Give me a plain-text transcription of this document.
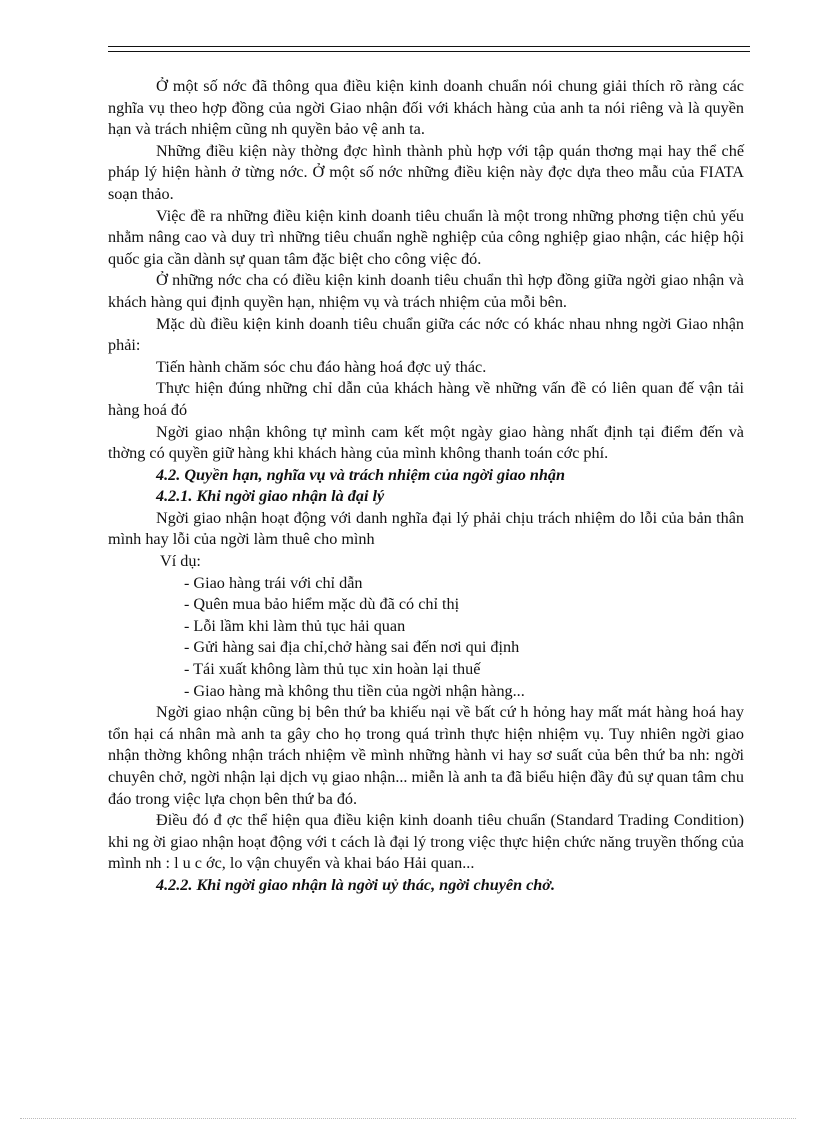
Ở một số nớc đã thông qua điều kiện kinh doanh chuẩn nói chung giải thích rõ ràng các nghĩa vụ theo hợp đồng của ngời Giao nhận đối với khách hàng của anh ta nói riêng và là quyền hạn và trách nhiệm cũng nh quyền bảo vệ anh ta.

Những điều kiện này thờng đợc hình thành phù hợp với tập quán thơng mại hay thể chế pháp lý hiện hành ở từng nớc. Ở một số nớc những điều kiện này đợc dựa theo mẫu của FIATA soạn thảo.

Việc đề ra những điều kiện kinh doanh tiêu chuẩn là một trong những phơng tiện chủ yếu nhằm nâng cao và duy trì những tiêu chuẩn nghề nghiệp của công nghiệp giao nhận, các hiệp hội quốc gia cần dành sự quan tâm đặc biệt cho công việc đó.

Ở những nớc cha có điều kiện kinh doanh tiêu chuẩn thì hợp đồng giữa ngời giao nhận và khách hàng qui định quyền hạn, nhiệm vụ và trách nhiệm của mỗi bên.

Mặc dù điều kiện kinh doanh tiêu chuẩn giữa các nớc có khác nhau nhng ngời Giao nhận phải:

Tiến hành chăm sóc chu đáo hàng hoá đợc uỷ thác.

Thực hiện đúng những chỉ dẫn của khách hàng về những vấn đề có liên quan đế vận tải hàng hoá đó

Ngời giao nhận không tự mình cam kết một ngày giao hàng nhất định tại điểm đến và thờng có quyền giữ hàng khi khách hàng của mình không thanh toán cớc phí.

4.2. Quyền hạn, nghĩa vụ và trách nhiệm của ngời giao nhận

4.2.1. Khi ngời giao nhận là đại lý

Ngời giao nhận hoạt động với danh nghĩa đại lý phải chịu trách nhiệm do lỗi của bản thân mình hay lỗi của ngời làm thuê cho mình

Ví dụ:

- Giao hàng trái với chỉ dẫn

- Quên mua bảo hiểm mặc dù đã có chỉ thị

- Lỗi lầm khi làm thủ tục hải quan

- Gửi hàng sai địa chỉ,chở hàng sai đến nơi qui định

- Tái xuất không làm thủ tục xin hoàn lại thuế

- Giao hàng mà không thu tiền của ngời nhận hàng...

Ngời giao nhận cũng bị bên thứ ba khiếu nại về bất cứ h hỏng hay mất mát hàng hoá hay tổn hại cá nhân mà anh ta gây cho họ trong quá trình thực hiện nhiệm vụ. Tuy nhiên ngời giao nhận thờng không nhận trách nhiệm về mình những hành vi hay sơ suất của bên thứ ba nh: ngời chuyên chở, ngời nhận lại dịch vụ giao nhận... miễn là anh ta đã biểu hiện đầy đủ sự quan tâm chu đáo trong việc lựa chọn bên thứ ba đó.

Điều đó đ ợc thể hiện qua điều kiện kinh doanh tiêu chuẩn (Standard Trading Condition) khi ng ời giao nhận hoạt động với t cách là đại lý trong việc thực hiện chức năng truyền thống của mình nh : l u c ớc, lo vận chuyển và khai báo Hải quan...

4.2.2. Khi ngời giao nhận là ngời uỷ thác, ngời chuyên chở.
